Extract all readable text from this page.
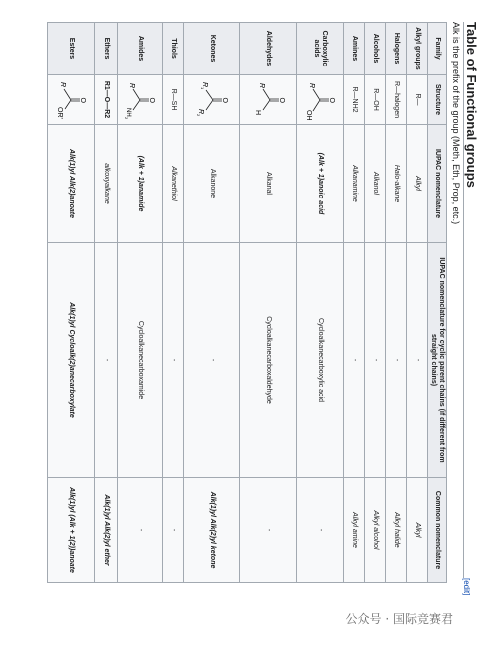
Table of Functional groups
[edit]
Alk is the prefix of the group (Meth, Eth, Prop, etc.)
Family	Structure	IUPAC nomenclature	IUPAC nomenclature for cyclic parent chains (if different from straight chains)	Common nomenclature
Alkyl groups	R—	Alkyl	-	Alkyl
Halogens	R—halogen	Halo-alkane	-	Alkyl halide
Alcohols	R—OH	Alkanol	-	Alkyl alcohol
Amines	R—NH2	Alkanamine	-	Alkyl amine
Carboxylic acids	R
O
OH	(Alk + 1)anoic acid	Cycloalkanecarboxylic acid	-
Aldehydes	R
O
H	Alkanal	Cycloalkanecarboxaldehyde	-
Ketones	R
1
O
R
2	Alkanone	-	Alk(1)yl Alk(2)yl ketone
Thiols	R—SH	Alkanethiol	-	-
Amides	R
O
NH
2	(Alk + 1)anamide	Cycloalkanecarboxamide	-
Ethers	R1—O—R2	alkoxyalkane	-	Alk(1)yl Alk(2)yl ether
Esters	R
O
OR'	Alk(1)yl Alk(2)anoate	Alk(1)yl Cycloalk(2)anecarboxylate	Alk(1)yl (Alk + 1(2))anoate
公众号 · 国际竞赛君
